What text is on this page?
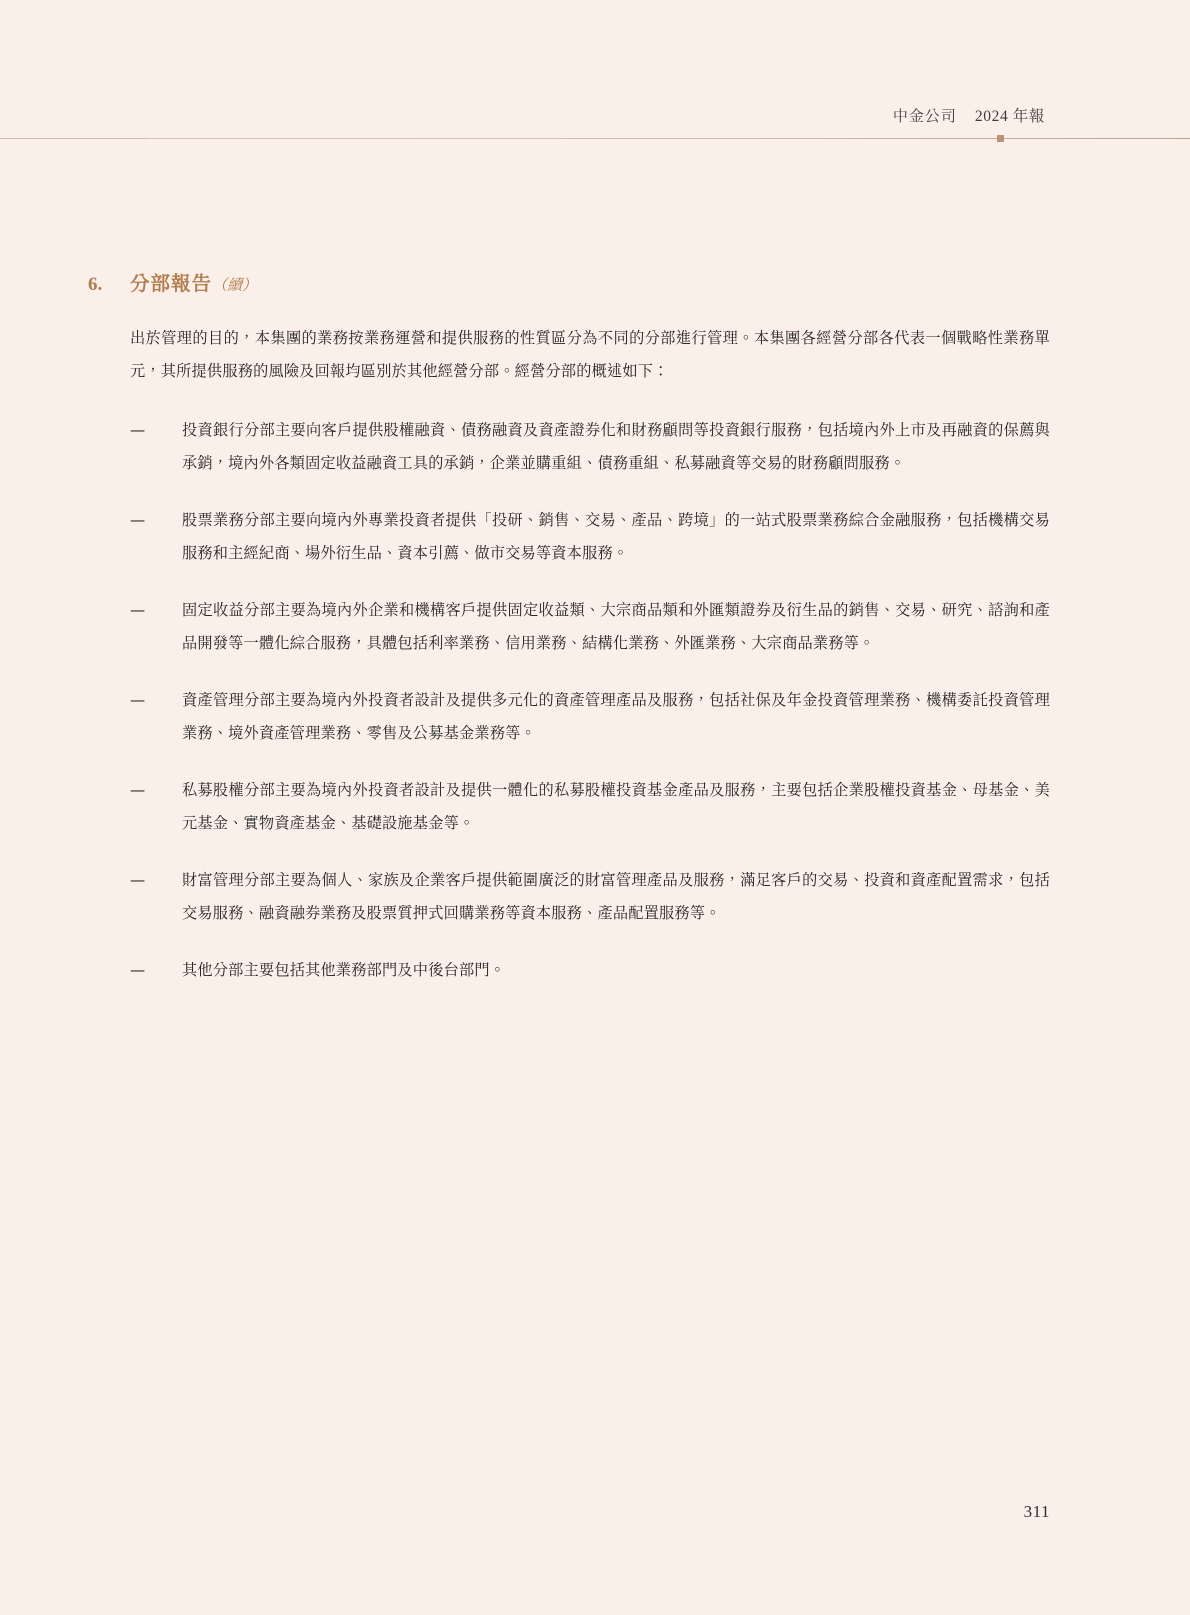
中金公司 2024 年報
6.	分部報告（續）

出於管理的目的，本集團的業務按業務運營和提供服務的性質區分為不同的分部進行管理。本集團各經營分部各代表一個戰略性業務單元，其所提供服務的風險及回報均區別於其他經營分部。經營分部的概述如下：

—	投資銀行分部主要向客戶提供股權融資、債務融資及資產證券化和財務顧問等投資銀行服務，包括境內外上市及再融資的保薦與承銷，境內外各類固定收益融資工具的承銷，企業並購重組、債務重組、私募融資等交易的財務顧問服務。
—	股票業務分部主要向境內外專業投資者提供「投研、銷售、交易、產品、跨境」的一站式股票業務綜合金融服務，包括機構交易服務和主經紀商、場外衍生品、資本引薦、做市交易等資本服務。
—	固定收益分部主要為境內外企業和機構客戶提供固定收益類、大宗商品類和外匯類證券及衍生品的銷售、交易、研究、諮詢和產品開發等一體化綜合服務，具體包括利率業務、信用業務、結構化業務、外匯業務、大宗商品業務等。
—	資產管理分部主要為境內外投資者設計及提供多元化的資產管理產品及服務，包括社保及年金投資管理業務、機構委託投資管理業務、境外資產管理業務、零售及公募基金業務等。
—	私募股權分部主要為境內外投資者設計及提供一體化的私募股權投資基金產品及服務，主要包括企業股權投資基金、母基金、美元基金、實物資產基金、基礎設施基金等。
—	財富管理分部主要為個人、家族及企業客戶提供範圍廣泛的財富管理產品及服務，滿足客戶的交易、投資和資產配置需求，包括交易服務、融資融券業務及股票質押式回購業務等資本服務、產品配置服務等。
—	其他分部主要包括其他業務部門及中後台部門。
311
